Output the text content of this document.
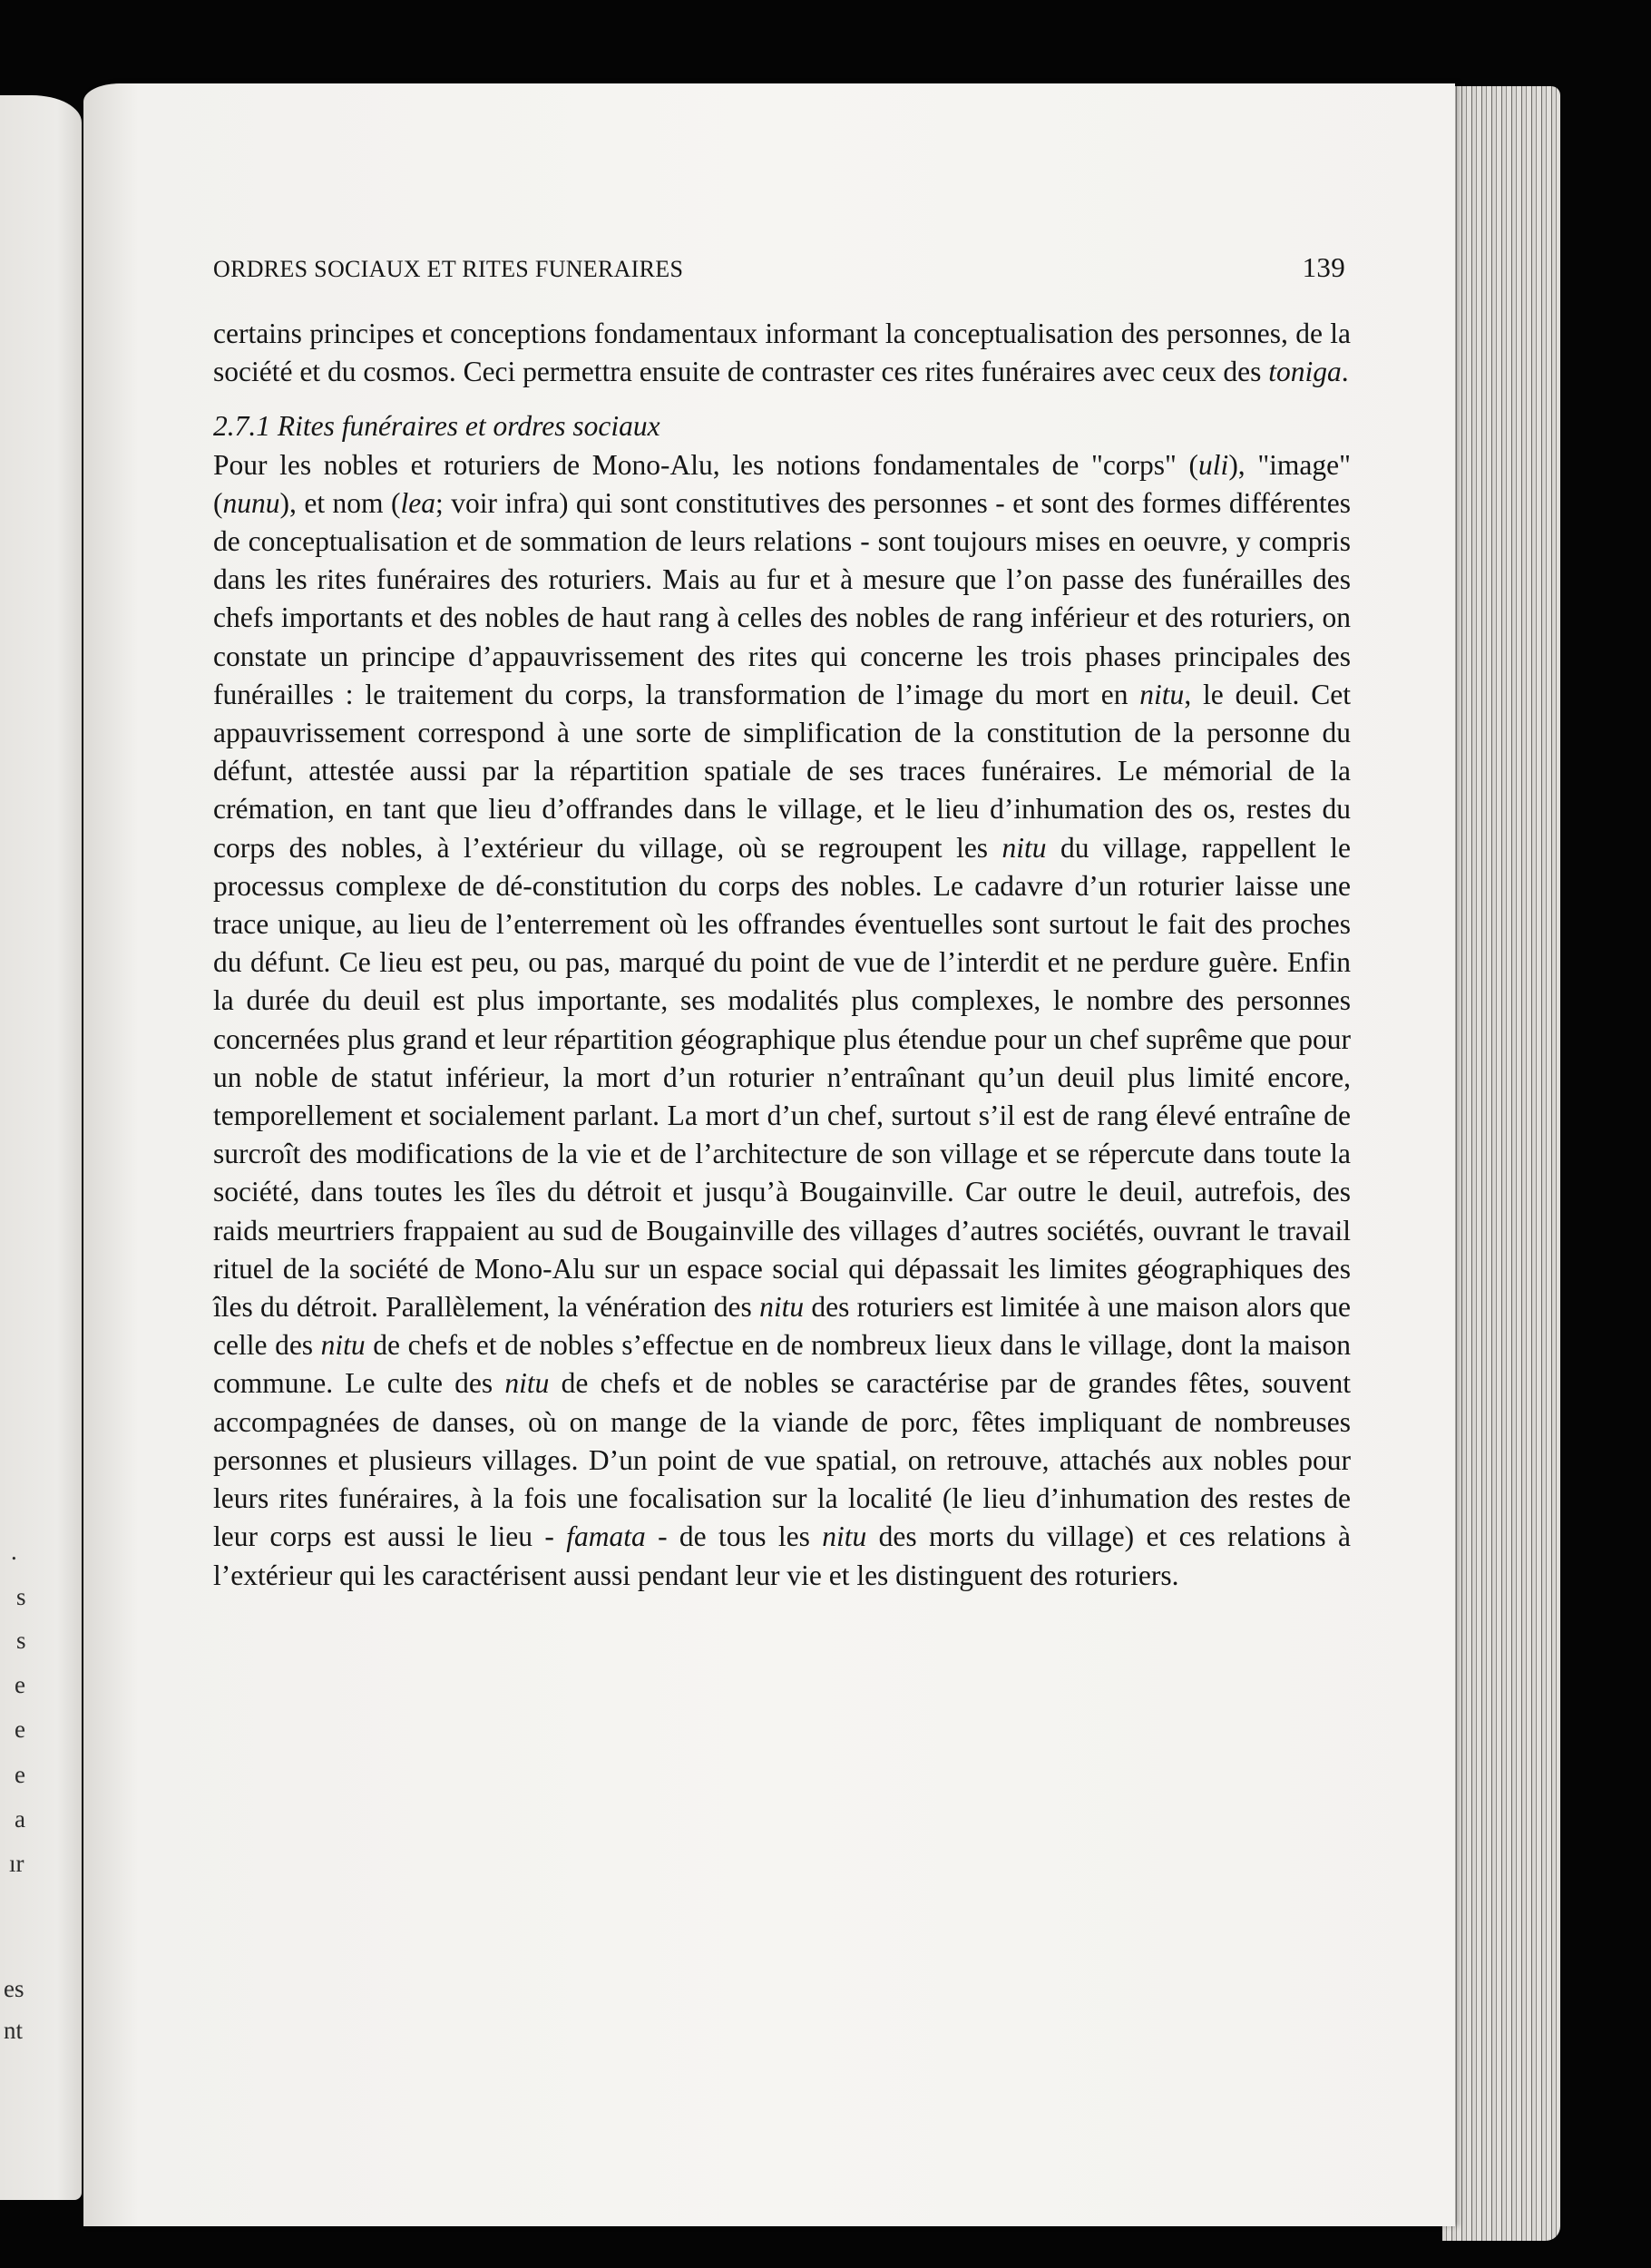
.
s
s
e
e
e
a
ır
es
nt
ORDRES SOCIAUX ET RITES FUNERAIRES	139

certains principes et conceptions fondamentaux informant la conceptualisation des personnes, de la société et du cosmos. Ceci permettra ensuite de contraster ces rites funéraires avec ceux des toniga.

2.7.1 Rites funéraires et ordres sociaux

Pour les nobles et roturiers de Mono-Alu, les notions fondamentales de "corps" (uli), "image" (nunu), et nom (lea; voir infra) qui sont constitutives des personnes - et sont des formes différentes de conceptualisation et de sommation de leurs relations - sont toujours mises en oeuvre, y compris dans les rites funéraires des roturiers. Mais au fur et à mesure que l’on passe des funérailles des chefs importants et des nobles de haut rang à celles des nobles de rang inférieur et des roturiers, on constate un principe d’appauvrissement des rites qui concerne les trois phases principales des funérailles : le traitement du corps, la transformation de l’image du mort en nitu, le deuil. Cet appauvrissement correspond à une sorte de simplification de la constitution de la personne du défunt, attestée aussi par la répartition spatiale de ses traces funéraires. Le mémorial de la crémation, en tant que lieu d’offrandes dans le village, et le lieu d’inhumation des os, restes du corps des nobles, à l’extérieur du village, où se regroupent les nitu du village, rappellent le processus complexe de dé-constitution du corps des nobles. Le cadavre d’un roturier laisse une trace unique, au lieu de l’enterrement où les offrandes éventuelles sont surtout le fait des proches du défunt. Ce lieu est peu, ou pas, marqué du point de vue de l’interdit et ne perdure guère. Enfin la durée du deuil est plus importante, ses modalités plus complexes, le nombre des personnes concernées plus grand et leur répartition géographique plus étendue pour un chef suprême que pour un noble de statut inférieur, la mort d’un roturier n’entraînant qu’un deuil plus limité encore, temporellement et socialement parlant. La mort d’un chef, surtout s’il est de rang élevé entraîne de surcroît des modifications de la vie et de l’architecture de son village et se répercute dans toute la société, dans toutes les îles du détroit et jusqu’à Bougainville. Car outre le deuil, autrefois, des raids meurtriers frappaient au sud de Bougainville des villages d’autres sociétés, ouvrant le travail rituel de la société de Mono-Alu sur un espace social qui dépassait les limites géographiques des îles du détroit. Parallèlement, la vénération des nitu des roturiers est limitée à une maison alors que celle des nitu de chefs et de nobles s’effectue en de nombreux lieux dans le village, dont la maison commune. Le culte des nitu de chefs et de nobles se caractérise par de grandes fêtes, souvent accompagnées de danses, où on mange de la viande de porc, fêtes impliquant de nombreuses personnes et plusieurs villages. D’un point de vue spatial, on retrouve, attachés aux nobles pour leurs rites funéraires, à la fois une focalisation sur la localité (le lieu d’inhumation des restes de leur corps est aussi le lieu - famata - de tous les nitu des morts du village) et ces relations à l’extérieur qui les caractérisent aussi pendant leur vie et les distinguent des roturiers.
